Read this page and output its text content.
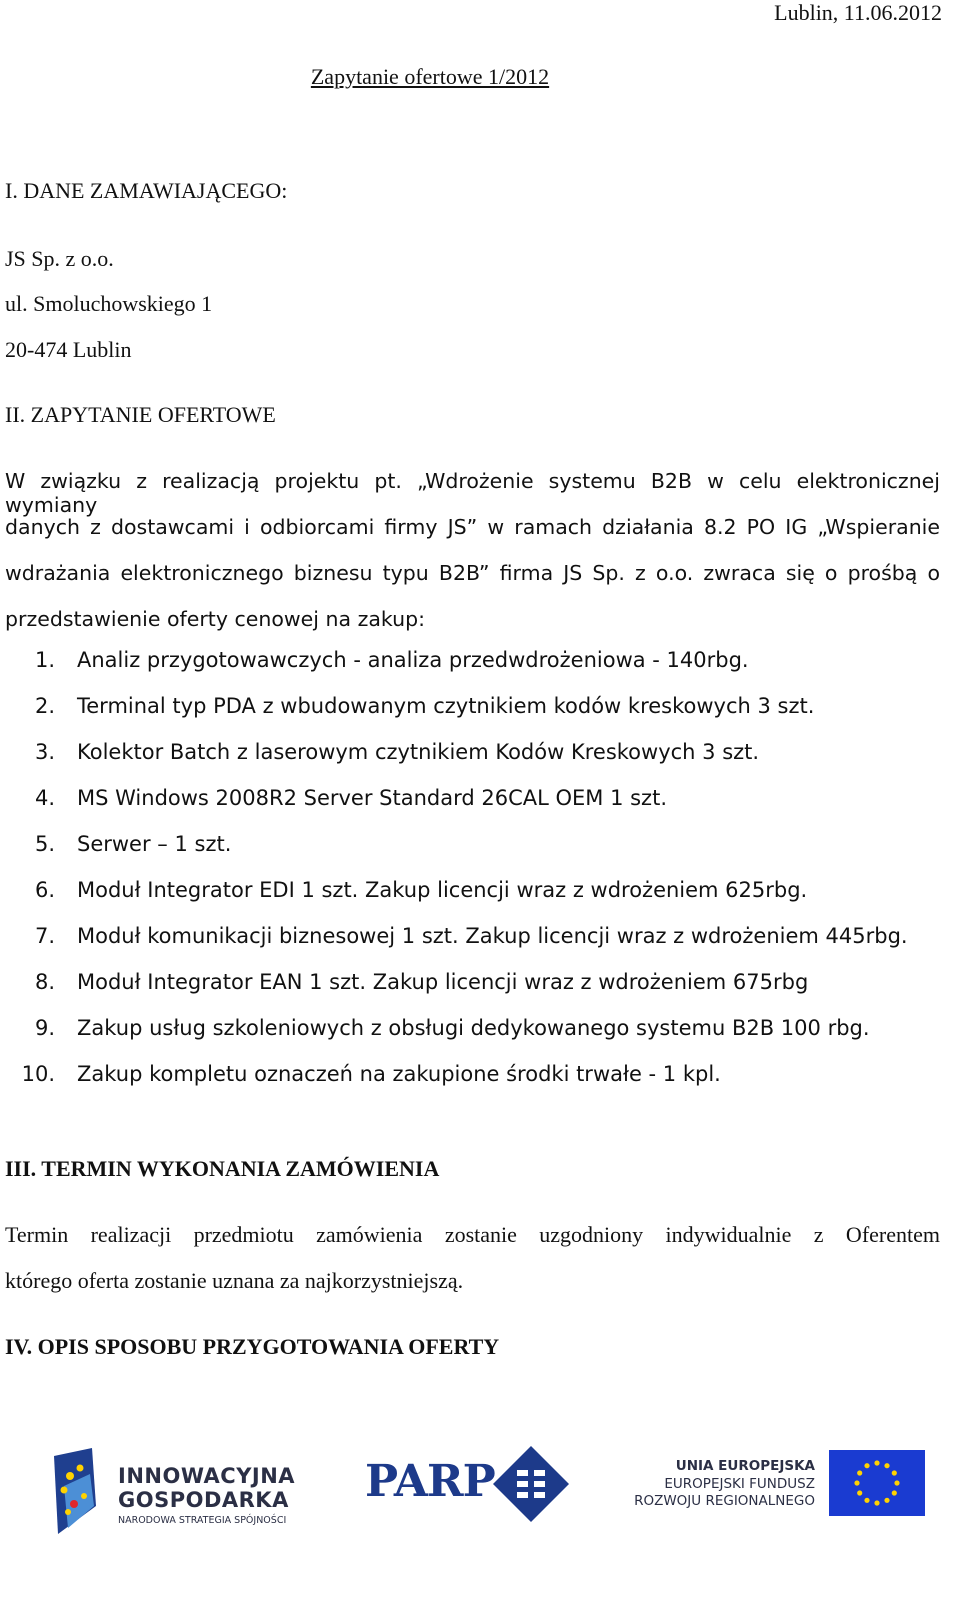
Lublin, 11.06.2012
Zapytanie ofertowe 1/2012
I. DANE ZAMAWIAJĄCEGO:
JS Sp. z o.o.
ul. Smoluchowskiego 1
20-474 Lublin
II. ZAPYTANIE OFERTOWE
W związku z realizacją projektu pt. „Wdrożenie systemu B2B w celu elektronicznej wymiany
danych z dostawcami i odbiorcami firmy JS” w ramach działania 8.2 PO IG „Wspieranie
wdrażania elektronicznego biznesu typu B2B” firma JS Sp. z o.o. zwraca się o prośbą o
przedstawienie oferty cenowej na zakup:
1. Analiz przygotowawczych - analiza przedwdrożeniowa - 140rbg.
2. Terminal typ PDA z wbudowanym czytnikiem kodów kreskowych 3 szt.
3. Kolektor Batch z laserowym czytnikiem Kodów Kreskowych 3 szt.
4. MS Windows 2008R2 Server Standard 26CAL OEM 1 szt.
5. Serwer – 1 szt.
6. Moduł Integrator EDI 1 szt. Zakup licencji wraz z wdrożeniem 625rbg.
7. Moduł komunikacji biznesowej 1 szt. Zakup licencji wraz z wdrożeniem 445rbg.
8. Moduł Integrator EAN 1 szt. Zakup licencji wraz z wdrożeniem 675rbg
9. Zakup usług szkoleniowych z obsługi dedykowanego systemu B2B 100 rbg.
10. Zakup kompletu oznaczeń na zakupione środki trwałe - 1 kpl.
III. TERMIN WYKONANIA ZAMÓWIENIA
Termin realizacji przedmiotu zamówienia zostanie uzgodniony indywidualnie z Oferentem
którego oferta zostanie uznana za najkorzystniejszą.
IV. OPIS SPOSOBU PRZYGOTOWANIA OFERTY
INNOWACYJNA
GOSPODARKA
NARODOWA STRATEGIA SPÓJNOŚCI
PARP	UNIA EUROPEJSKA
EUROPEJSKI FUNDUSZ
ROZWOJU REGIONALNEGO
